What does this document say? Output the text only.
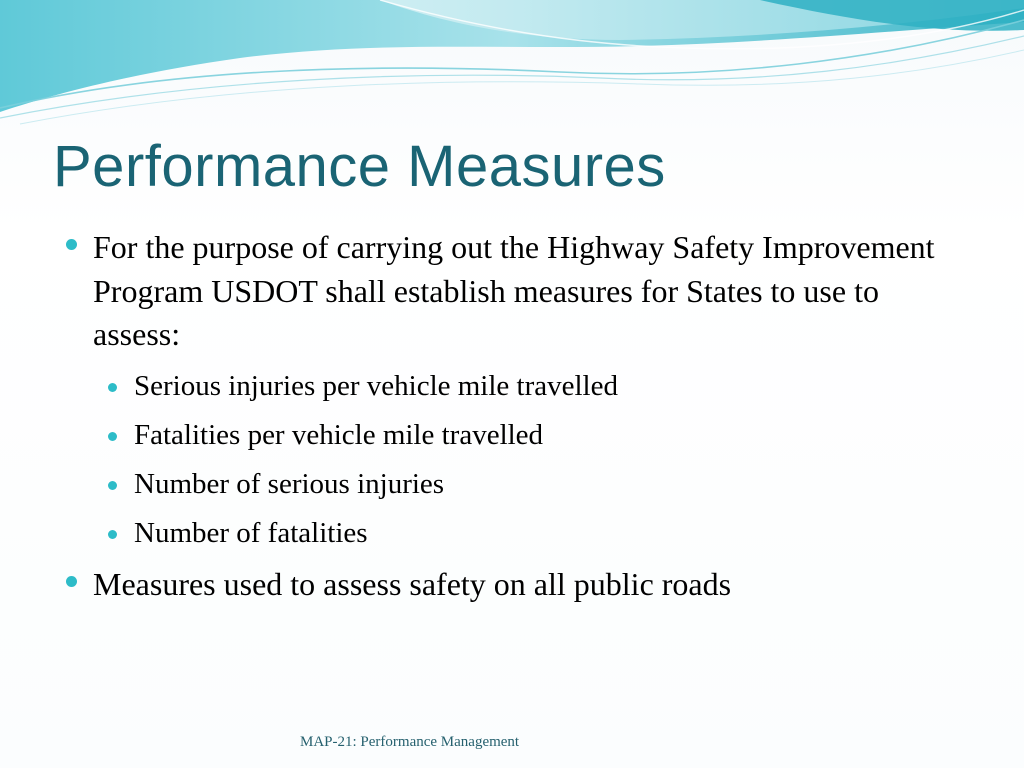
Performance Measures
For the purpose of carrying out the Highway Safety Improvement Program USDOT shall establish measures for States to use to assess:
Serious injuries per vehicle mile travelled
Fatalities per vehicle mile travelled
Number of serious injuries
Number of fatalities
Measures used to assess safety on all public roads
MAP-21: Performance Management
